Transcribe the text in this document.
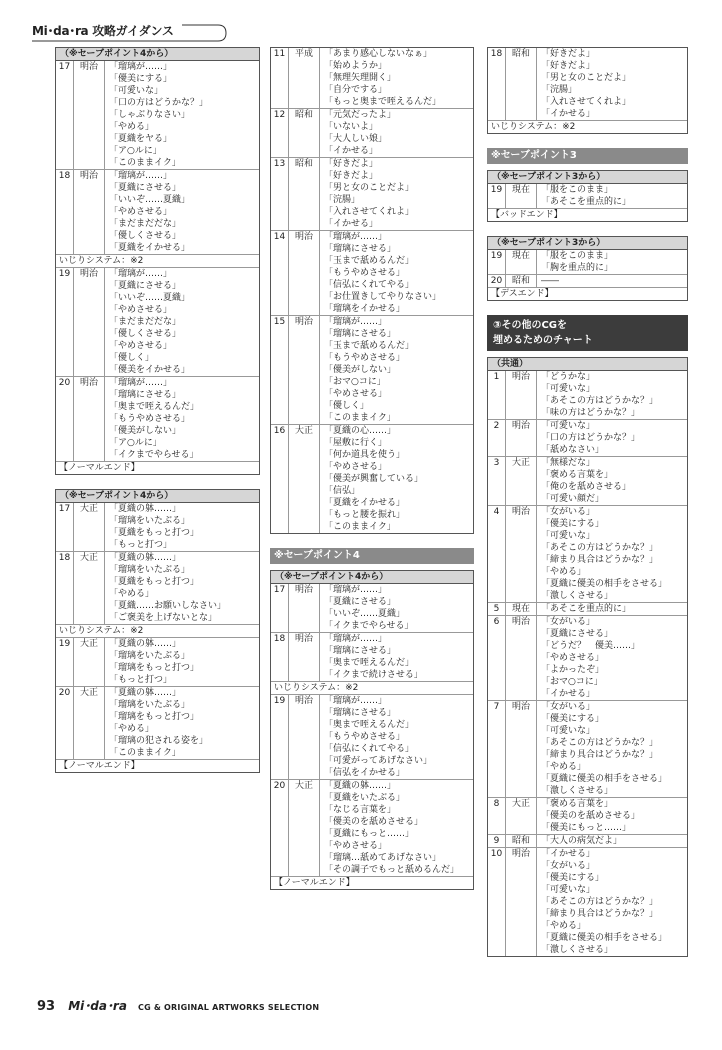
Mi･da･ra 攻略ガイダンス
（※セーブポイント4から）
17	明治	「瑠璃が……」
「優美にする」
「可愛いな」
「口の方はどうかな？」
「しゃぶりなさい」
「やめる」
「夏織をヤる」
「ア○ルに」
「このままイク」
18	明治	「瑠璃が……」
「夏織にさせる」
「いいぞ……夏織」
「やめさせる」
「まだまだだな」
「優しくさせる」
「夏織をイかせる」
いじりシステム：※2
19	明治	「瑠璃が……」
「夏織にさせる」
「いいぞ……夏織」
「やめさせる」
「まだまだだな」
「優しくさせる」
「やめさせる」
「優しく」
「優美をイかせる」
20	明治	「瑠璃が……」
「瑠璃にさせる」
「奥まで咥えるんだ」
「もうやめさせる」
「優美がしない」
「ア○ルに」
「イクまでやらせる」
【ノーマルエンド】
（※セーブポイント4から）
17	大正	「夏織の躰……」
「瑠璃をいたぶる」
「夏織をもっと打つ」
「もっと打つ」
18	大正	「夏織の躰……」
「瑠璃をいたぶる」
「夏織をもっと打つ」
「やめる」
「夏織……お願いしなさい」
「ご褒美を上げないとな」
いじりシステム：※2
19	大正	「夏織の躰……」
「瑠璃をいたぶる」
「瑠璃をもっと打つ」
「もっと打つ」
20	大正	「夏織の躰……」
「瑠璃をいたぶる」
「瑠璃をもっと打つ」
「やめる」
「瑠璃の犯される姿を」
「このままイク」
【ノーマルエンド】
11	平成	「あまり感心しないなぁ」
「始めようか」
「無理矢理開く」
「自分でする」
「もっと奥まで咥えるんだ」
12	昭和	「元気だったよ」
「いないよ」
「大人しい娘」
「イかせる」
13	昭和	「好きだよ」
「好きだよ」
「男と女のことだよ」
「浣腸」
「入れさせてくれよ」
「イかせる」
14	明治	「瑠璃が……」
「瑠璃にさせる」
「玉まで舐めるんだ」
「もうやめさせる」
「信弘にくれてやる」
「お仕置きしてやりなさい」
「瑠璃をイかせる」
15	明治	「瑠璃が……」
「瑠璃にさせる」
「玉まで舐めるんだ」
「もうやめさせる」
「優美がしない」
「おマ○コに」
「やめさせる」
「優しく」
「このままイク」
16	大正	「夏織の心……」
「屋敷に行く」
「何か道具を使う」
「やめさせる」
「優美が興奮している」
「信弘」
「夏織をイかせる」
「もっと腰を振れ」
「このままイク」
※セーブポイント4
（※セーブポイント4から）
17	明治	「瑠璃が……」
「夏織にさせる」
「いいぞ……夏織」
「イクまでやらせる」
18	明治	「瑠璃が……」
「瑠璃にさせる」
「奥まで咥えるんだ」
「イクまで続けさせる」
いじりシステム：※2
19	明治	「瑠璃が……」
「瑠璃にさせる」
「奥まで咥えるんだ」
「もうやめさせる」
「信弘にくれてやる」
「可愛がってあげなさい」
「信弘をイかせる」
20	大正	「夏織の躰……」
「夏織をいたぶる」
「なじる言葉を」
「優美のを舐めさせる」
「夏織にもっと……」
「やめさせる」
「瑠璃…舐めてあげなさい」
「その調子でもっと舐めるんだ」
【ノーマルエンド】
18	昭和	「好きだよ」
「好きだよ」
「男と女のことだよ」
「浣腸」
「入れさせてくれよ」
「イかせる」
いじりシステム：※2
※セーブポイント3
（※セーブポイント3から）
19	現在	「服をこのまま」
「あそこを重点的に」
【バッドエンド】
（※セーブポイント3から）
19	現在	「服をこのまま」
「胸を重点的に」
20	昭和	――
【デスエンド】
③その他のCGを
埋めるためのチャート
（共通）
1	明治	「どうかな」
「可愛いな」
「あそこの方はどうかな？」
「味の方はどうかな？」
2	明治	「可愛いな」
「口の方はどうかな？」
「舐めなさい」
3	大正	「無様だな」
「褒める言葉を」
「俺のを舐めさせる」
「可愛い顔だ」
4	明治	「女がいる」
「優美にする」
「可愛いな」
「あそこの方はどうかな？」
「締まり具合はどうかな？」
「やめる」
「夏織に優美の相手をさせる」
「激しくさせる」
5	現在	「あそこを重点的に」
6	明治	「女がいる」
「夏織にさせる」
「どうだ？　優美……」
「やめさせる」
「よかったぞ」
「おマ○コに」
「イかせる」
7	明治	「女がいる」
「優美にする」
「可愛いな」
「あそこの方はどうかな？」
「締まり具合はどうかな？」
「やめる」
「夏織に優美の相手をさせる」
「激しくさせる」
8	大正	「褒める言葉を」
「優美のを舐めさせる」
「優美にもっと……」
9	昭和	「大人の病気だよ」
10	明治	「イかせる」
「女がいる」
「優美にする」
「可愛いな」
「あそこの方はどうかな？」
「締まり具合はどうかな？」
「やめる」
「夏織に優美の相手をさせる」
「激しくさせる」
93 Mi･da･ra CG & ORIGINAL ARTWORKS SELECTION
